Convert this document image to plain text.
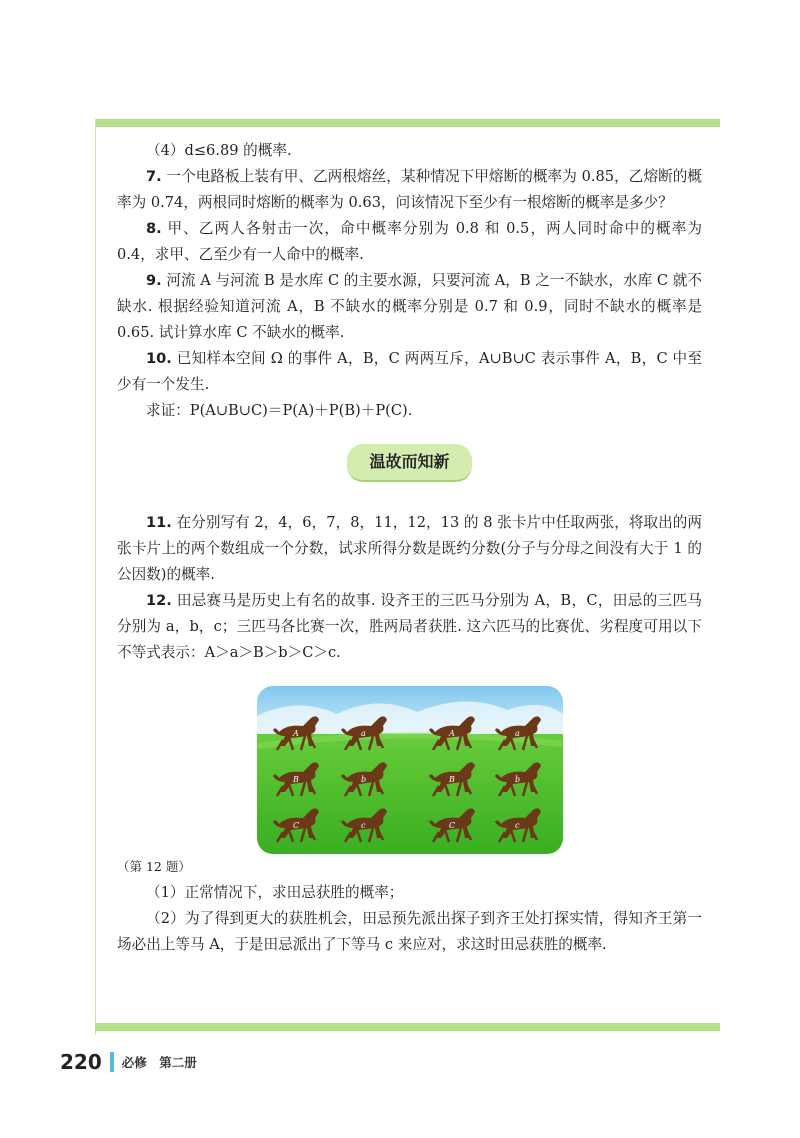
（4）d≤6.89 的概率.

7. 一个电路板上装有甲、乙两根熔丝，某种情况下甲熔断的概率为 0.85，乙熔断的概率为 0.74，两根同时熔断的概率为 0.63，问该情况下至少有一根熔断的概率是多少？

8. 甲、乙两人各射击一次，命中概率分别为 0.8 和 0.5，两人同时命中的概率为 0.4，求甲、乙至少有一人命中的概率.

9. 河流 A 与河流 B 是水库 C 的主要水源，只要河流 A，B 之一不缺水，水库 C 就不缺水. 根据经验知道河流 A，B 不缺水的概率分别是 0.7 和 0.9，同时不缺水的概率是 0.65. 试计算水库 C 不缺水的概率.

10. 已知样本空间 Ω 的事件 A，B，C 两两互斥，A∪B∪C 表示事件 A，B，C 中至少有一个发生.

求证：P(A∪B∪C)＝P(A)＋P(B)＋P(C).

温故而知新

11. 在分别写有 2，4，6，7，8，11，12，13 的 8 张卡片中任取两张，将取出的两张卡片上的两个数组成一个分数，试求所得分数是既约分数(分子与分母之间没有大于 1 的公因数)的概率.

12. 田忌赛马是历史上有名的故事. 设齐王的三匹马分别为 A，B，C，田忌的三匹马分别为 a，b，c；三匹马各比赛一次，胜两局者获胜. 这六匹马的比赛优、劣程度可用以下不等式表示：A＞a＞B＞b＞C＞c.

A	a	A	a
B	b	B	b
C	c	C	c

（第 12 题）

（1）正常情况下，求田忌获胜的概率；

（2）为了得到更大的获胜机会，田忌预先派出探子到齐王处打探实情，得知齐王第一场必出上等马 A，于是田忌派出了下等马 c 来应对，求这时田忌获胜的概率.

220 必修　第二册
